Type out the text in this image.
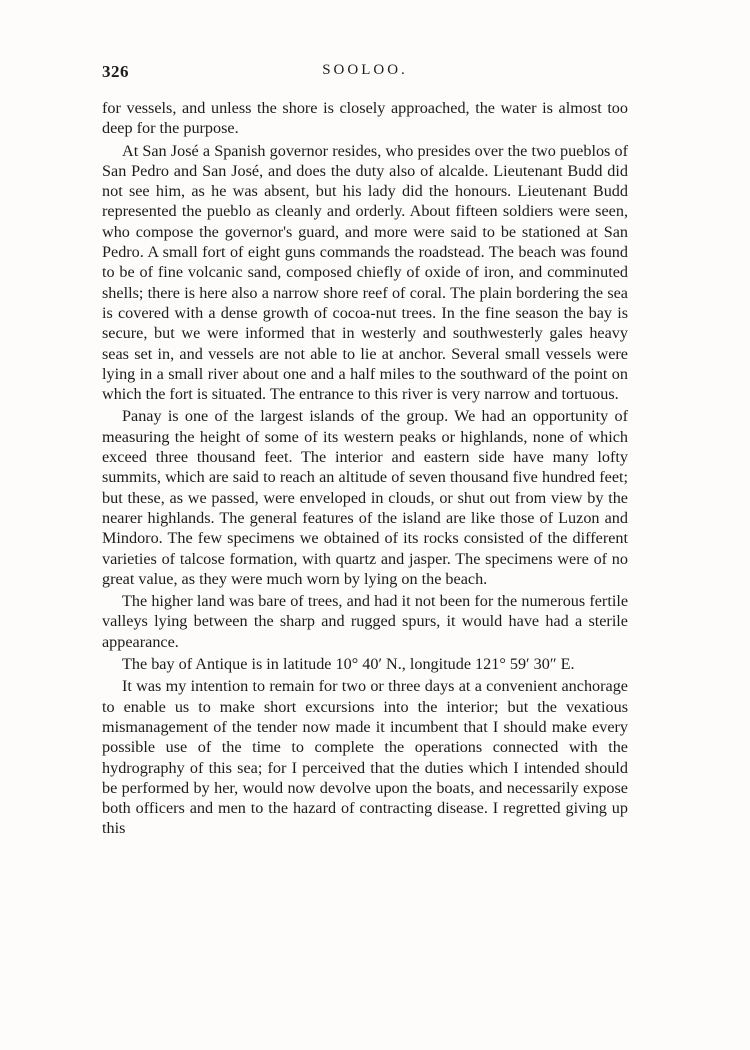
326	SOOLOO.

for vessels, and unless the shore is closely approached, the water is almost too deep for the purpose.

At San José a Spanish governor resides, who presides over the two pueblos of San Pedro and San José, and does the duty also of alcalde. Lieutenant Budd did not see him, as he was absent, but his lady did the honours. Lieutenant Budd represented the pueblo as cleanly and orderly. About fifteen soldiers were seen, who compose the governor's guard, and more were said to be stationed at San Pedro. A small fort of eight guns commands the roadstead. The beach was found to be of fine volcanic sand, composed chiefly of oxide of iron, and comminuted shells; there is here also a narrow shore reef of coral. The plain bordering the sea is covered with a dense growth of cocoa-nut trees. In the fine season the bay is secure, but we were informed that in westerly and southwesterly gales heavy seas set in, and vessels are not able to lie at anchor. Several small vessels were lying in a small river about one and a half miles to the southward of the point on which the fort is situated. The entrance to this river is very narrow and tortuous.

Panay is one of the largest islands of the group. We had an opportunity of measuring the height of some of its western peaks or highlands, none of which exceed three thousand feet. The interior and eastern side have many lofty summits, which are said to reach an altitude of seven thousand five hundred feet; but these, as we passed, were enveloped in clouds, or shut out from view by the nearer highlands. The general features of the island are like those of Luzon and Mindoro. The few specimens we obtained of its rocks consisted of the different varieties of talcose formation, with quartz and jasper. The specimens were of no great value, as they were much worn by lying on the beach.

The higher land was bare of trees, and had it not been for the numerous fertile valleys lying between the sharp and rugged spurs, it would have had a sterile appearance.

The bay of Antique is in latitude 10° 40′ N., longitude 121° 59′ 30″ E.

It was my intention to remain for two or three days at a convenient anchorage to enable us to make short excursions into the interior; but the vexatious mismanagement of the tender now made it incumbent that I should make every possible use of the time to complete the operations connected with the hydrography of this sea; for I perceived that the duties which I intended should be performed by her, would now devolve upon the boats, and necessarily expose both officers and men to the hazard of contracting disease. I regretted giving up this
